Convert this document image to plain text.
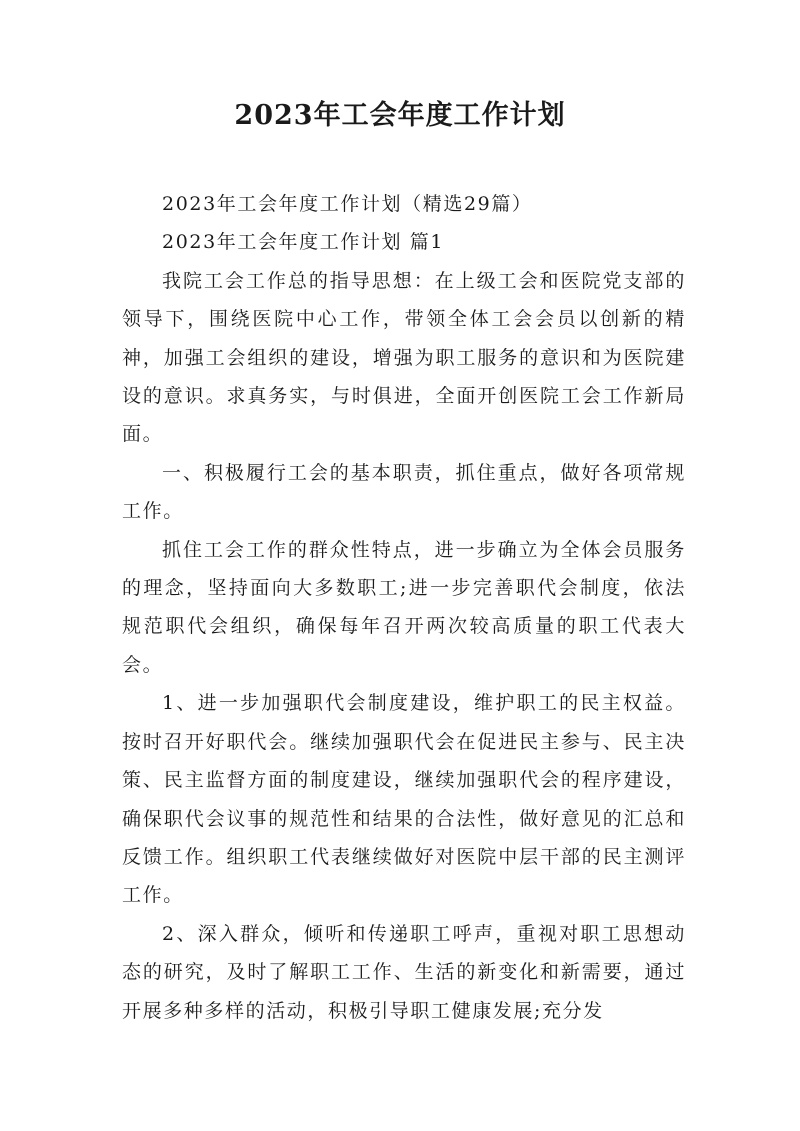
2023年工会年度工作计划

2023年工会年度工作计划（精选29篇）

2023年工会年度工作计划 篇1

我院工会工作总的指导思想：在上级工会和医院党支部的领导下，围绕医院中心工作，带领全体工会会员以创新的精神，加强工会组织的建设，增强为职工服务的意识和为医院建设的意识。求真务实，与时俱进，全面开创医院工会工作新局面。

一、积极履行工会的基本职责，抓住重点，做好各项常规工作。

抓住工会工作的群众性特点，进一步确立为全体会员服务的理念，坚持面向大多数职工;进一步完善职代会制度，依法规范职代会组织，确保每年召开两次较高质量的职工代表大会。

1、进一步加强职代会制度建设，维护职工的民主权益。按时召开好职代会。继续加强职代会在促进民主参与、民主决策、民主监督方面的制度建设，继续加强职代会的程序建设，确保职代会议事的规范性和结果的合法性，做好意见的汇总和反馈工作。组织职工代表继续做好对医院中层干部的民主测评工作。

2、深入群众，倾听和传递职工呼声，重视对职工思想动态的研究，及时了解职工工作、生活的新变化和新需要，通过开展多种多样的活动，积极引导职工健康发展;充分发
